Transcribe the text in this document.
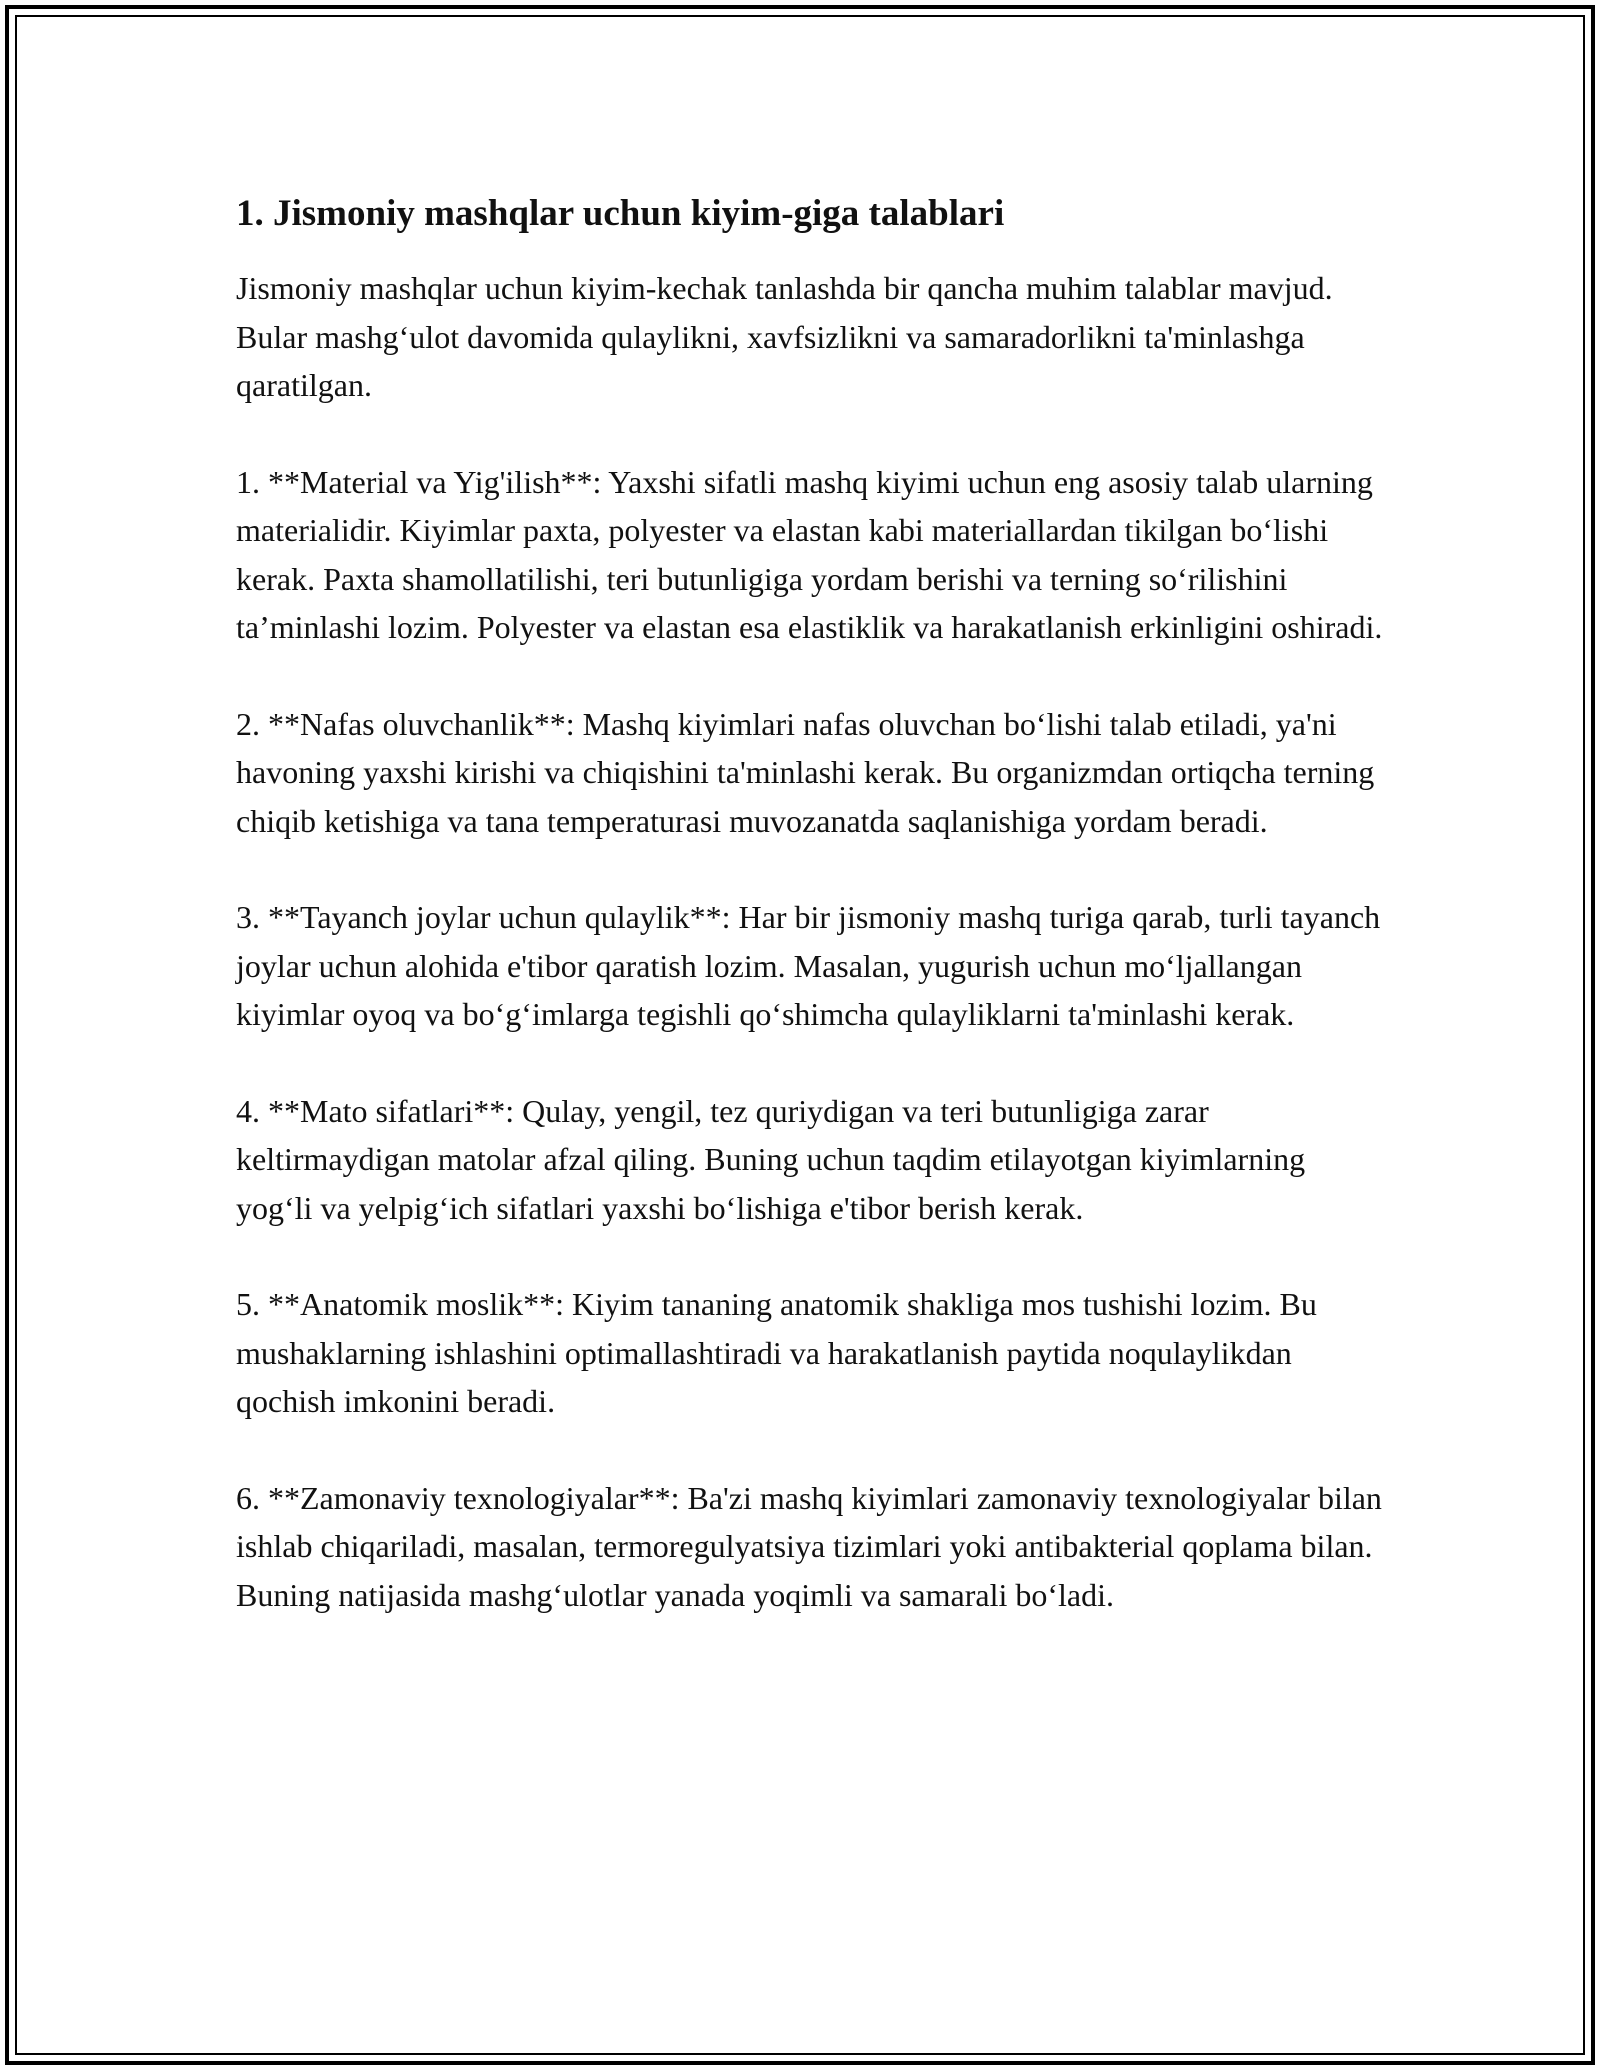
1. Jismoniy mashqlar uchun kiyim-giga talablari

Jismoniy mashqlar uchun kiyim-kechak tanlashda bir qancha muhim talablar mavjud. Bular mashg‘ulot davomida qulaylikni, xavfsizlikni va samaradorlikni ta'minlashga qaratilgan.

1. **Material va Yig'ilish**: Yaxshi sifatli mashq kiyimi uchun eng asosiy talab ularning materialidir. Kiyimlar paxta, polyester va elastan kabi materiallardan tikilgan bo‘lishi kerak. Paxta shamollatilishi, teri butunligiga yordam berishi va terning so‘rilishini ta’minlashi lozim. Polyester va elastan esa elastiklik va harakatlanish erkinligini oshiradi.

2. **Nafas oluvchanlik**: Mashq kiyimlari nafas oluvchan bo‘lishi talab etiladi, ya'ni havoning yaxshi kirishi va chiqishini ta'minlashi kerak. Bu organizmdan ortiqcha terning chiqib ketishiga va tana temperaturasi muvozanatda saqlanishiga yordam beradi.

3. **Tayanch joylar uchun qulaylik**: Har bir jismoniy mashq turiga qarab, turli tayanch joylar uchun alohida e'tibor qaratish lozim. Masalan, yugurish uchun mo‘ljallangan kiyimlar oyoq va bo‘g‘imlarga tegishli qo‘shimcha qulayliklarni ta'minlashi kerak.

4. **Mato sifatlari**: Qulay, yengil, tez quriydigan va teri butunligiga zarar keltirmaydigan matolar afzal qiling. Buning uchun taqdim etilayotgan kiyimlarning yog‘li va yelpig‘ich sifatlari yaxshi bo‘lishiga e'tibor berish kerak.

5. **Anatomik moslik**: Kiyim tananing anatomik shakliga mos tushishi lozim. Bu mushaklarning ishlashini optimallashtiradi va harakatlanish paytida noqulaylikdan qochish imkonini beradi.

6. **Zamonaviy texnologiyalar**: Ba'zi mashq kiyimlari zamonaviy texnologiyalar bilan ishlab chiqariladi, masalan, termoregulyatsiya tizimlari yoki antibakterial qoplama bilan. Buning natijasida mashg‘ulotlar yanada yoqimli va samarali bo‘ladi.
